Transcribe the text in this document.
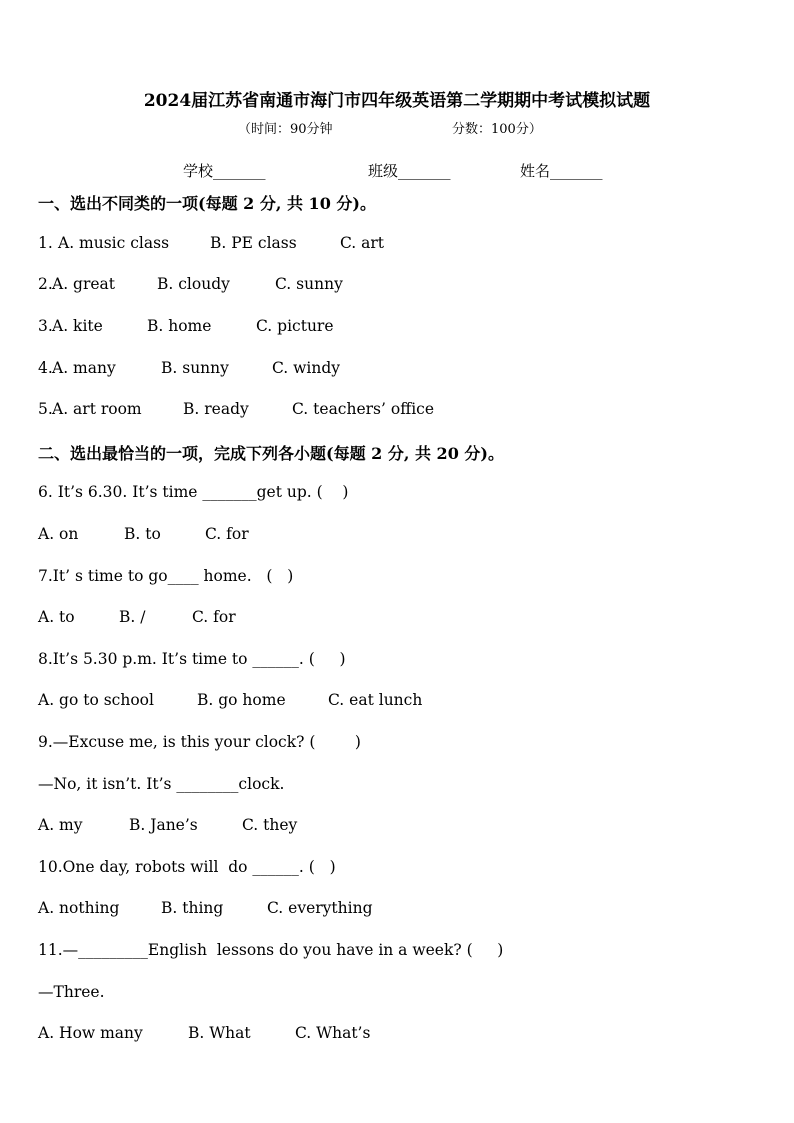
2024届江苏省南通市海门市四年级英语第二学期期中考试模拟试题
（时间：90分钟	分数：100分）
学校_______	班级_______	姓名_______
一、选出不同类的一项(每题 2 分, 共 10 分)。
1. A. music class	B. PE class	C. art
2. A. great	B. cloudy	C. sunny
3. A. kite	B. home	C. picture
4. A. many	B. sunny	C. windy
5. A. art room	B. ready	C. teachers’ office
二、选出最恰当的一项，完成下列各小题(每题 2 分, 共 20 分)。
6. It’s 6.30. It’s time _______get up. (    )
A. on	B. to	C. for
7.It’ s time to go____ home.   (   )
A. to	B. /	C. for
8.It’s 5.30 p.m. It’s time to ______. (     )
A. go to school	B. go home	C. eat lunch
9.—Excuse me, is this your clock? (        )
—No, it isn’t. It’s ________clock.
A. my	B. Jane’s	C. they
10.One day, robots will  do ______. (   )
A. nothing	B. thing	C. everything
11.—_________English  lessons do you have in a week? (     )
—Three.
A. How many	B. What	C. What’s
